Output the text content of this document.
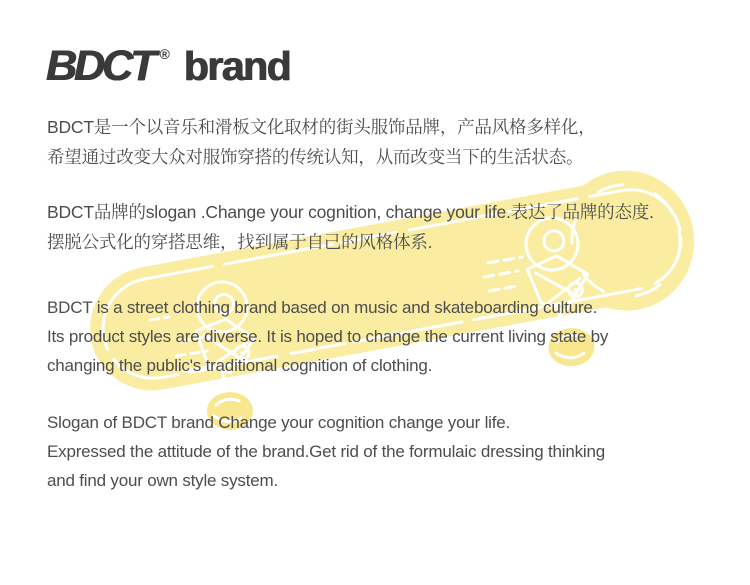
BDCT ® brand
BDCT是一个以音乐和滑板文化取材的街头服饰品牌，产品风格多样化，
希望通过改变大众对服饰穿搭的传统认知，从而改变当下的生活状态。
BDCT品牌的slogan .Change your cognition, change your life.表达了品牌的态度.
摆脱公式化的穿搭思维，找到属于自己的风格体系.
BDCT is a street clothing brand based on music and skateboarding culture.
Its product styles are diverse. It is hoped to change the current living state by
changing the public's traditional cognition of clothing.
Slogan of BDCT brand Change your cognition change your life.
Expressed the attitude of the brand.Get rid of the formulaic dressing thinking
and find your own style system.
